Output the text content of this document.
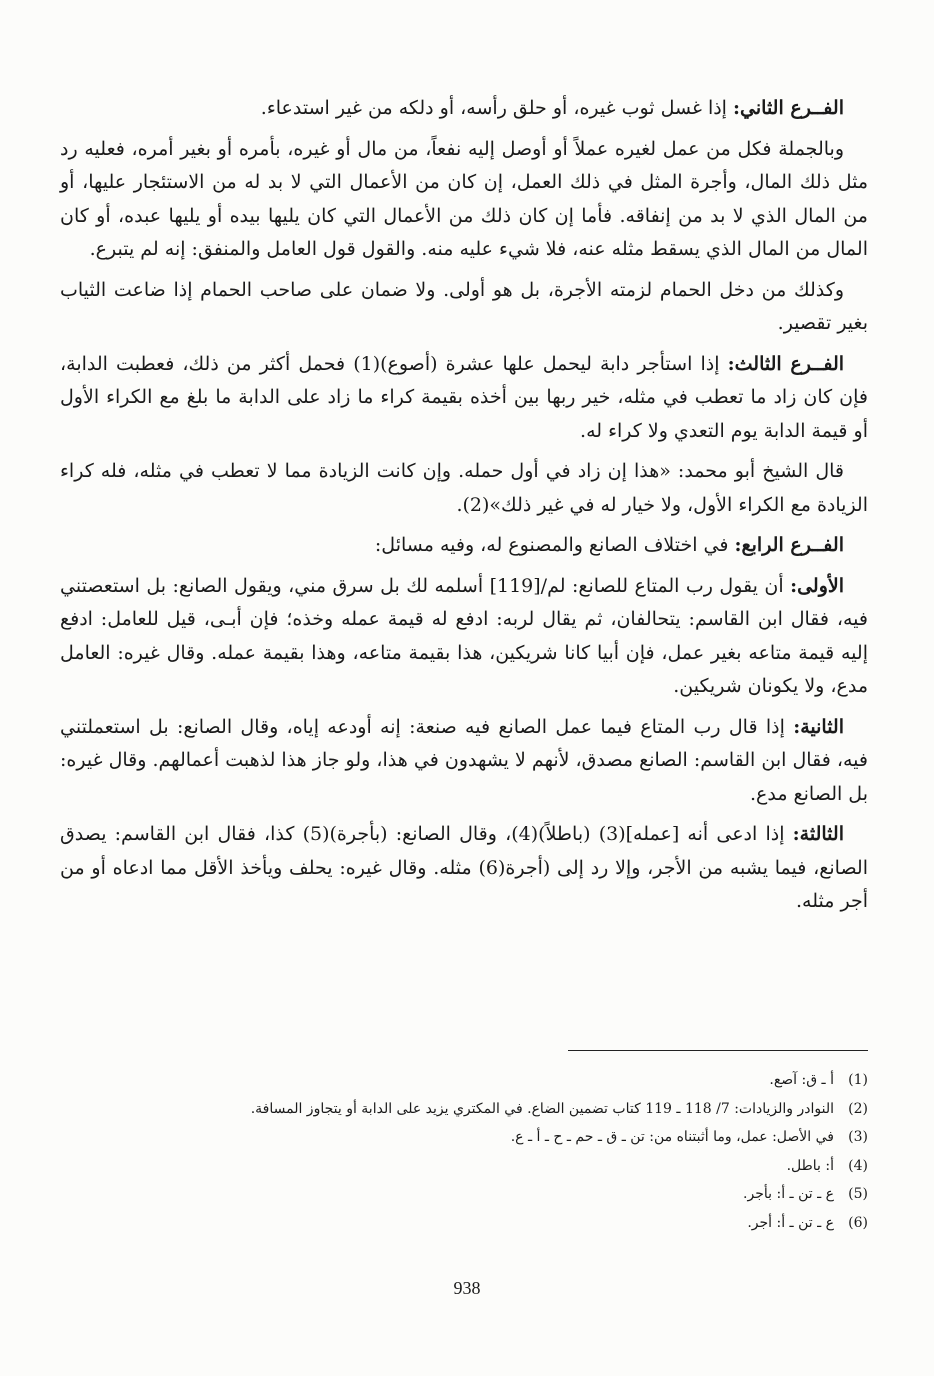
الفــرع الثاني: إذا غسل ثوب غيره، أو حلق رأسه، أو دلكه من غير استدعاء.

وبالجملة فكل من عمل لغيره عملاً أو أوصل إليه نفعاً، من مال أو غيره، بأمره أو بغير أمره، فعليه رد مثل ذلك المال، وأجرة المثل في ذلك العمل، إن كان من الأعمال التي لا بد له من الاستئجار عليها، أو من المال الذي لا بد من إنفاقه. فأما إن كان ذلك من الأعمال التي كان يليها بيده أو يليها عبده، أو كان المال من المال الذي يسقط مثله عنه، فلا شيء عليه منه. والقول قول العامل والمنفق: إنه لم يتبرع.

وكذلك من دخل الحمام لزمته الأجرة، بل هو أولى. ولا ضمان على صاحب الحمام إذا ضاعت الثياب بغير تقصير.

الفــرع الثالث: إذا استأجر دابة ليحمل علها عشرة (أصوع)(1) فحمل أكثر من ذلك، فعطبت الدابة، فإن كان زاد ما تعطب في مثله، خير ربها بين أخذه بقيمة كراء ما زاد على الدابة ما بلغ مع الكراء الأول أو قيمة الدابة يوم التعدي ولا كراء له.

قال الشيخ أبو محمد: «هذا إن زاد في أول حمله. وإن كانت الزيادة مما لا تعطب في مثله، فله كراء الزيادة مع الكراء الأول، ولا خيار له في غير ذلك»(2).

الفــرع الرابع: في اختلاف الصانع والمصنوع له، وفيه مسائل:

الأولى: أن يقول رب المتاع للصانع: لم/[119] أسلمه لك بل سرق مني، ويقول الصانع: بل استعصتني فيه، فقال ابن القاسم: يتحالفان، ثم يقال لربه: ادفع له قيمة عمله وخذه؛ فإن أبـى، قيل للعامل: ادفع إليه قيمة متاعه بغير عمل، فإن أبيا كانا شريكين، هذا بقيمة متاعه، وهذا بقيمة عمله. وقال غيره: العامل مدع، ولا يكونان شريكين.

الثانية: إذا قال رب المتاع فيما عمل الصانع فيه صنعة: إنه أودعه إياه، وقال الصانع: بل استعملتني فيه، فقال ابن القاسم: الصانع مصدق، لأنهم لا يشهدون في هذا، ولو جاز هذا لذهبت أعمالهم. وقال غيره: بل الصانع مدع.

الثالثة: إذا ادعى أنه [عمله](3) (باطلاً)(4)، وقال الصانع: (بأجرة)(5) كذا، فقال ابن القاسم: يصدق الصانع، فيما يشبه من الأجر، وإلا رد إلى (أجرة(6) مثله. وقال غيره: يحلف ويأخذ الأقل مما ادعاه أو من أجر مثله.

(1)أ ـ ق: آصع.
(2)النوادر والزيادات: 7/ 118 ـ 119 كتاب تضمين الضاع. في المكتري يزيد على الدابة أو يتجاوز المسافة.
(3)في الأصل: عمل، وما أثبتناه من: تن ـ ق ـ حم ـ ح ـ أ ـ ع.
(4)أ: باطل.
(5)ع ـ تن ـ أ: بأجر.
(6)ع ـ تن ـ أ: أجر.
938
